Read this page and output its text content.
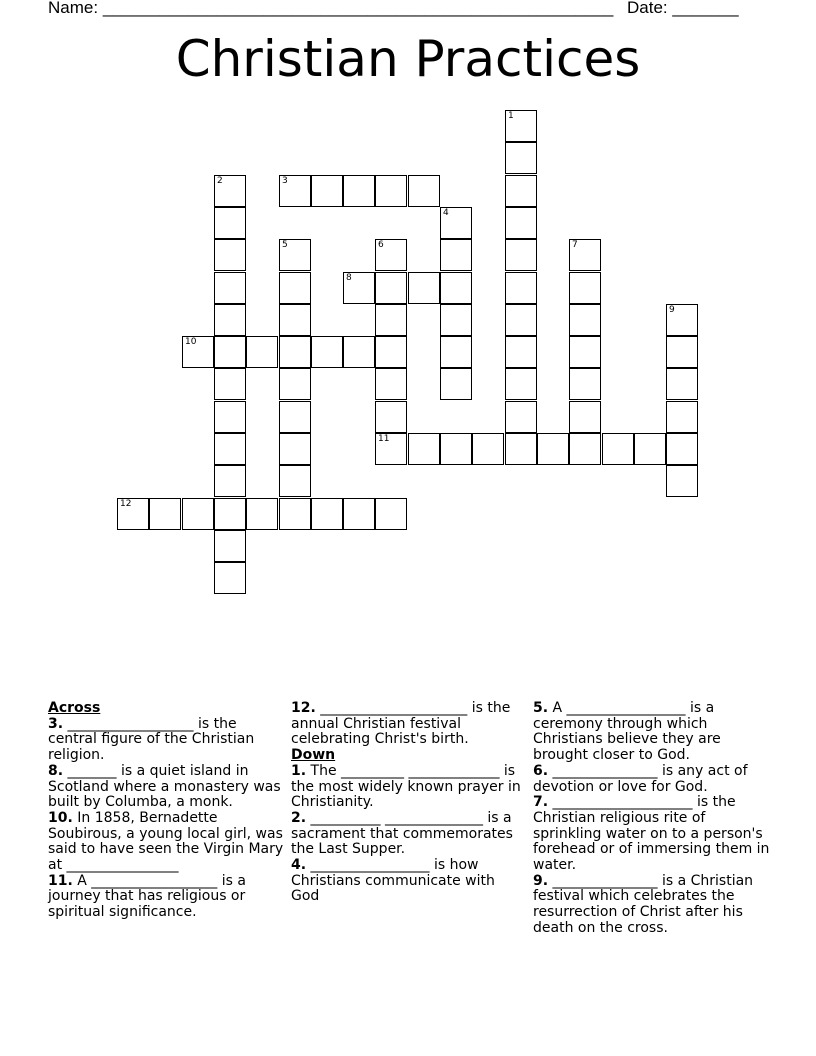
Name: ______________________________________________________ Date: _______
Christian Practices
1
2	3
4
5	6
11
7
8
9
10
12
Across
3. __________________ is the central figure of the Christian religion.
8. _______ is a quiet island in Scotland where a monastery was built by Columba, a monk.
10. In 1858, Bernadette Soubirous, a young local girl, was said to have seen the Virgin Mary at ________________
11. A __________________ is a journey that has religious or spiritual significance.
12. _____________________ is the annual Christian festival celebrating Christ's birth.
Down
1. The _________ _____________ is the most widely known prayer in Christianity.
2. __________ ______________ is a sacrament that commemorates the Last Supper.
4. _________________ is how Christians communicate with God
5. A _________________ is a ceremony through which Christians believe they are brought closer to God.
6. _______________ is any act of devotion or love for God.
7. ____________________ is the Christian religious rite of sprinkling water on to a person's forehead or of immersing them in water.
9. _______________ is a Christian festival which celebrates the resurrection of Christ after his death on the cross.
